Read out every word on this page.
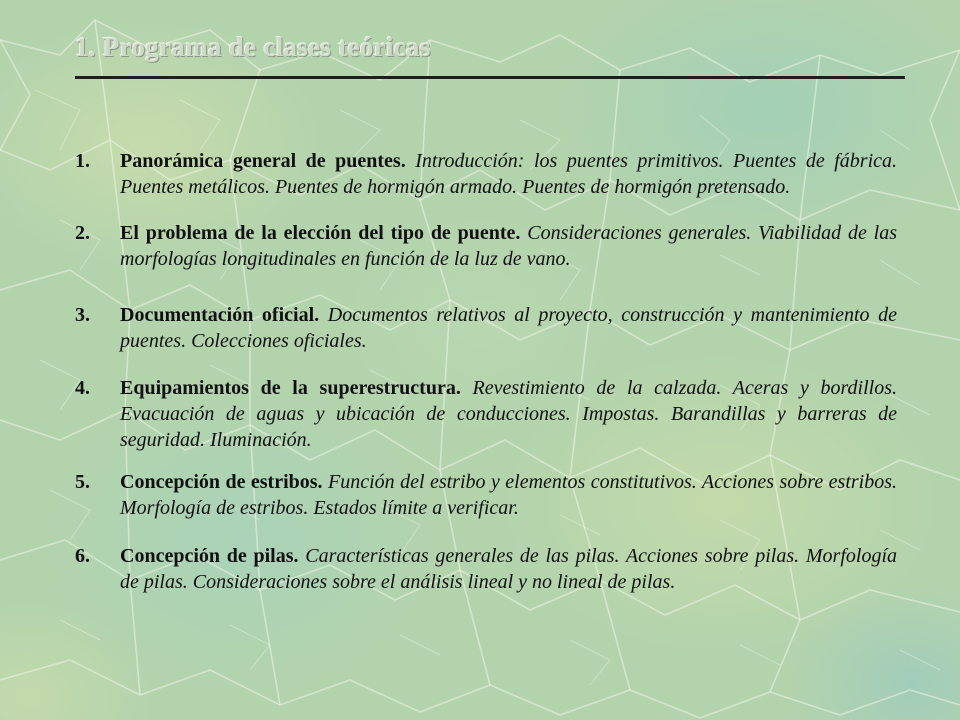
1. Programa de clases teóricas
1.	Panorámica general de puentes. Introducción: los puentes primitivos. Puentes de fábrica. Puentes metálicos. Puentes de hormigón armado. Puentes de hormigón pretensado.
2.	El problema de la elección del tipo de puente. Consideraciones generales. Viabilidad de las morfologías longitudinales en función de la luz de vano.
3.	Documentación oficial. Documentos relativos al proyecto, construcción y mantenimiento de puentes. Colecciones oficiales.
4.	Equipamientos de la superestructura. Revestimiento de la calzada. Aceras y bordillos. Evacuación de aguas y ubicación de conducciones. Impostas. Barandillas y barreras de seguridad. Iluminación.
5.	Concepción de estribos. Función del estribo y elementos constitutivos. Acciones sobre estribos. Morfología de estribos. Estados límite a verificar.
6.	Concepción de pilas. Características generales de las pilas. Acciones sobre pilas. Morfología de pilas. Consideraciones sobre el análisis lineal y no lineal de pilas.
